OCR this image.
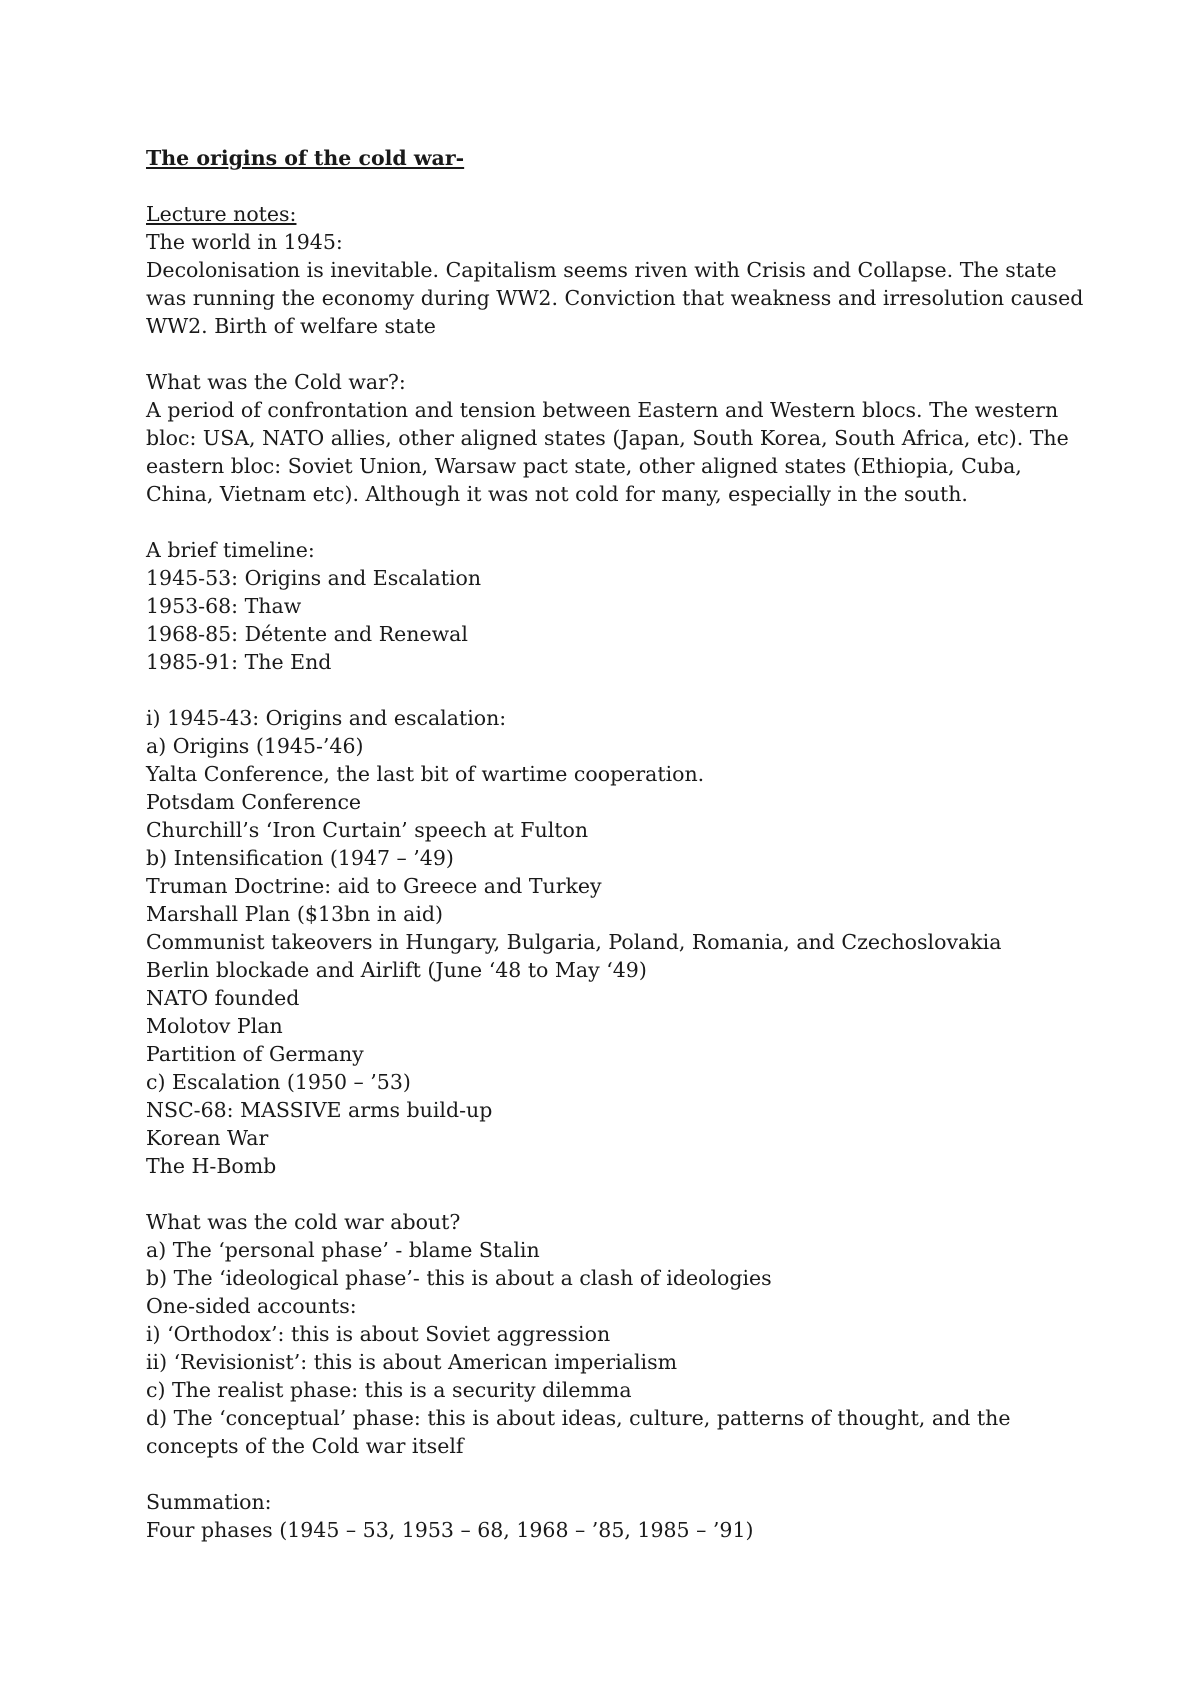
The origins of the cold war-
Lecture notes:
The world in 1945:
Decolonisation is inevitable. Capitalism seems riven with Crisis and Collapse. The state was running the economy during WW2. Conviction that weakness and irresolution caused WW2. Birth of welfare state
What was the Cold war?:
A period of confrontation and tension between Eastern and Western blocs. The western bloc: USA, NATO allies, other aligned states (Japan, South Korea, South Africa, etc). The eastern bloc: Soviet Union, Warsaw pact state, other aligned states (Ethiopia, Cuba, China, Vietnam etc). Although it was not cold for many, especially in the south.
A brief timeline:
1945-53: Origins and Escalation
1953-68: Thaw
1968-85: Détente and Renewal
1985-91: The End
i) 1945-43: Origins and escalation:
a) Origins (1945-’46)
Yalta Conference, the last bit of wartime cooperation.
Potsdam Conference
Churchill’s ‘Iron Curtain’ speech at Fulton
b) Intensification (1947 – ’49)
Truman Doctrine: aid to Greece and Turkey
Marshall Plan ($13bn in aid)
Communist takeovers in Hungary, Bulgaria, Poland, Romania, and Czechoslovakia
Berlin blockade and Airlift (June ‘48 to May ‘49)
NATO founded
Molotov Plan
Partition of Germany
c) Escalation (1950 – ’53)
NSC-68: MASSIVE arms build-up
Korean War
The H-Bomb
What was the cold war about?
a) The ‘personal phase’ - blame Stalin
b) The ‘ideological phase’- this is about a clash of ideologies
One-sided accounts:
i) ‘Orthodox’: this is about Soviet aggression
ii) ‘Revisionist’: this is about American imperialism
c) The realist phase: this is a security dilemma
d) The ‘conceptual’ phase: this is about ideas, culture, patterns of thought, and the concepts of the Cold war itself
Summation:
Four phases (1945 – 53, 1953 – 68, 1968 – ’85, 1985 – ’91)
